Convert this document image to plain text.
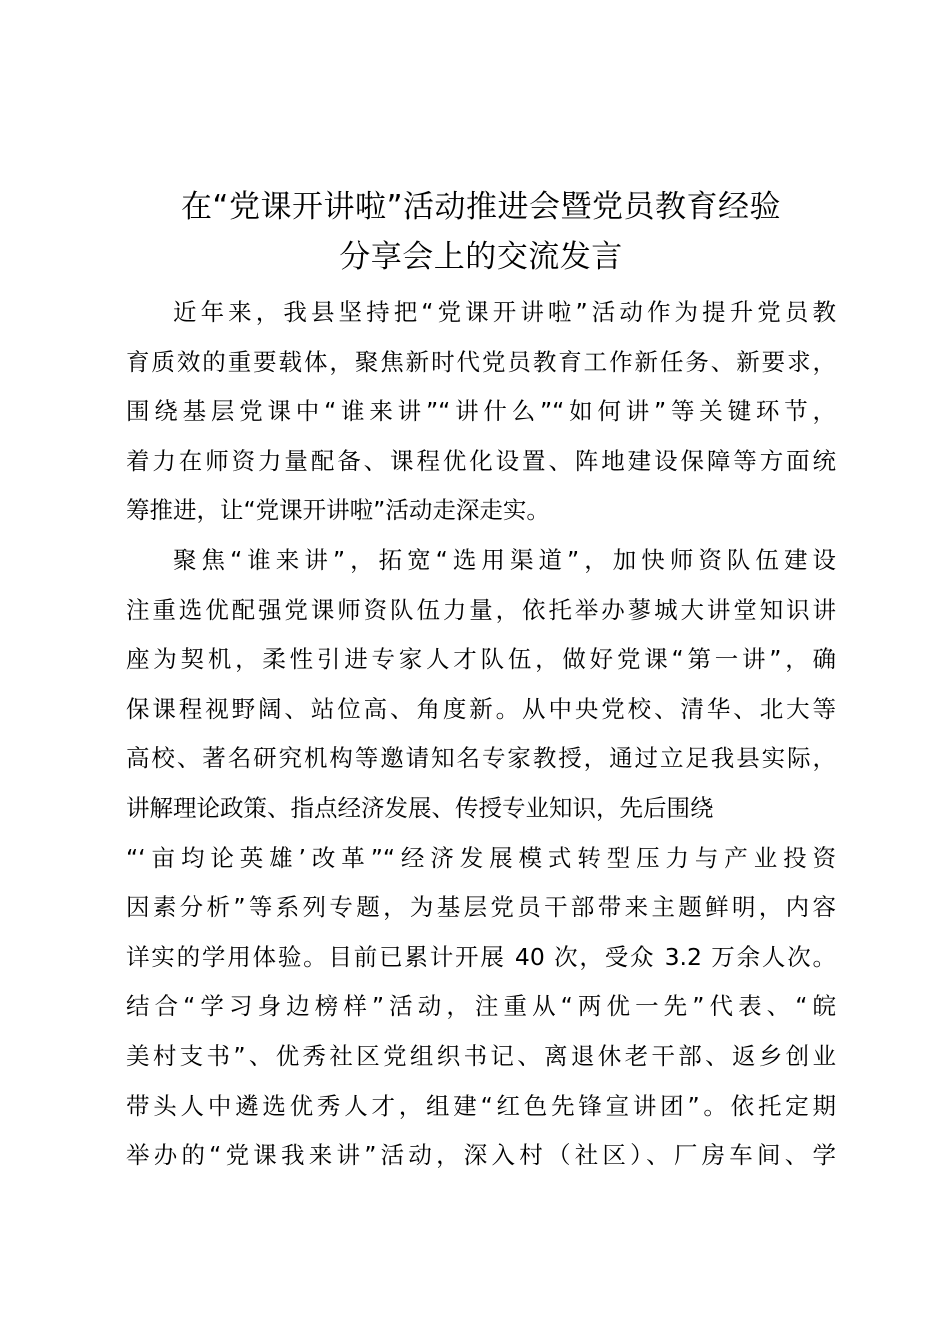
在“党课开讲啦”活动推进会暨党员教育经验
分享会上的交流发言
近年来，我县坚持把“党课开讲啦”活动作为提升党员教
育质效的重要载体，聚焦新时代党员教育工作新任务、新要求，
围绕基层党课中“谁来讲”“讲什么”“如何讲”等关键环节，
着力在师资力量配备、课程优化设置、阵地建设保障等方面统
筹推进，让“党课开讲啦”活动走深走实。
聚焦“谁来讲”，拓宽“选用渠道”，加快师资队伍建设
注重选优配强党课师资队伍力量，依托举办蓼城大讲堂知识讲
座为契机，柔性引进专家人才队伍，做好党课“第一讲”，确
保课程视野阔、站位高、角度新。从中央党校、清华、北大等
高校、著名研究机构等邀请知名专家教授，通过立足我县实际，
讲解理论政策、指点经济发展、传授专业知识，先后围绕
“‘亩均论英雄’改革”“经济发展模式转型压力与产业投资
因素分析”等系列专题，为基层党员干部带来主题鲜明，内容
详实的学用体验。目前已累计开展 40 次，受众 3.2 万余人次。
结合“学习身边榜样”活动，注重从“两优一先”代表、“皖
美村支书”、优秀社区党组织书记、离退休老干部、返乡创业
带头人中遴选优秀人才，组建“红色先锋宣讲团”。依托定期
举办的“党课我来讲”活动，深入村（社区）、厂房车间、学
